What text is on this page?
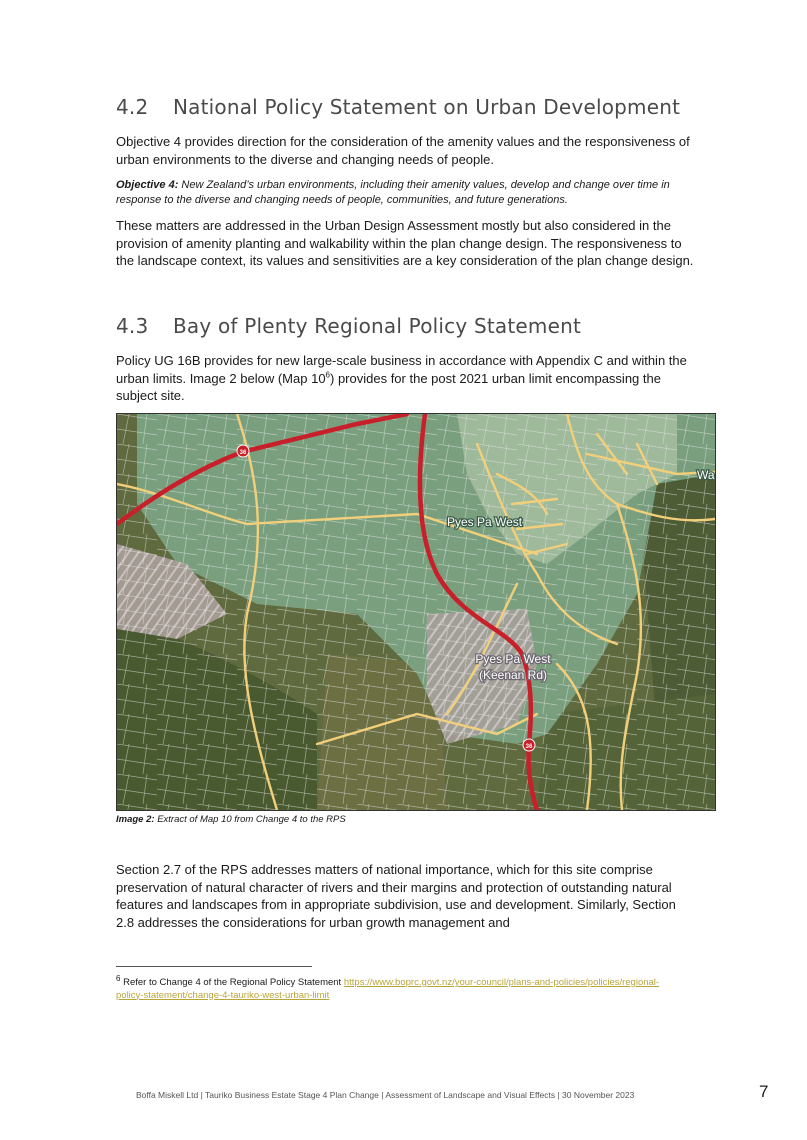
4.2 National Policy Statement on Urban Development

Objective 4 provides direction for the consideration of the amenity values and the responsiveness of urban environments to the diverse and changing needs of people.

Objective 4: New Zealand’s urban environments, including their amenity values, develop and change over time in response to the diverse and changing needs of people, communities, and future generations.

These matters are addressed in the Urban Design Assessment mostly but also considered in the provision of amenity planting and walkability within the plan change design. The responsiveness to the landscape context, its values and sensitivities are a key consideration of the plan change design.

4.3 Bay of Plenty Regional Policy Statement

Policy UG 16B provides for new large-scale business in accordance with Appendix C and within the urban limits. Image 2 below (Map $10^6$) provides for the post 2021 urban limit encompassing the subject site.

36
36
Pyes Pa West
Pyes Pa West
(Keenan Rd)
Wa

Image 2: Extract of Map 10 from Change 4 to the RPS

Section 2.7 of the RPS addresses matters of national importance, which for this site comprise preservation of natural character of rivers and their margins and protection of outstanding natural features and landscapes from in appropriate subdivision, use and development. Similarly, Section 2.8 addresses the considerations for urban growth management and

$^6$ Refer to Change 4 of the Regional Policy Statement https://www.boprc.govt.nz/your-council/plans-and-policies/policies/regional-policy-statement/change-4-tauriko-west-urban-limit

Boffa Miskell Ltd | Tauriko Business Estate Stage 4 Plan Change | Assessment of Landscape and Visual Effects | 30 November 2023	7
